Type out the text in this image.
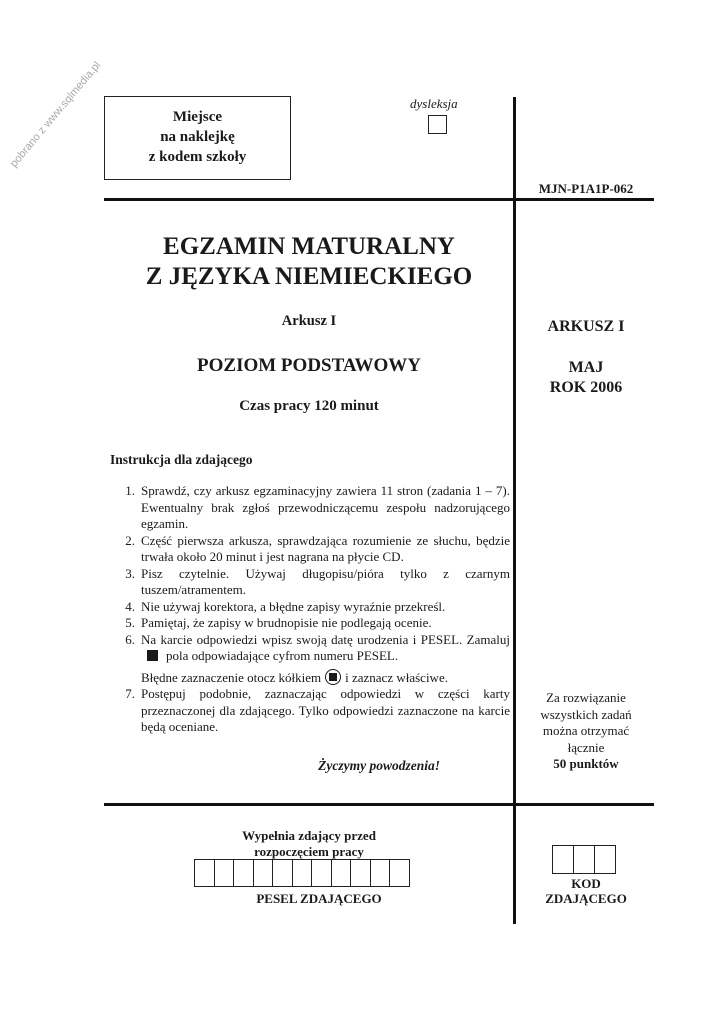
pobrano z www.sqlmedia.pl	Miejsce
na naklejkę
z kodem szkoły
dysleksja
MJN-P1A1P-062
EGZAMIN MATURALNY
Z JĘZYKA NIEMIECKIEGO
Arkusz I
POZIOM PODSTAWOWY
Czas pracy 120 minut
ARKUSZ I
MAJ
ROK 2006
Instrukcja dla zdającego
1. Sprawdź, czy arkusz egzaminacyjny zawiera 11 stron (zadania 1 – 7). Ewentualny brak zgłoś przewodniczącemu zespołu nadzorującego egzamin.
2. Część pierwsza arkusza, sprawdzająca rozumienie ze słuchu, będzie trwała około 20 minut i jest nagrana na płycie CD.
3. Pisz czytelnie. Używaj długopisu/pióra tylko z czarnym tuszem/atramentem.
4. Nie używaj korektora, a błędne zapisy wyraźnie przekreśl.
5. Pamiętaj, że zapisy w brudnopisie nie podlegają ocenie.
6. Na karcie odpowiedzi wpisz swoją datę urodzenia i PESEL. Zamalujpola odpowiadające cyfrom numeru PESEL.
Błędne zaznaczenie otocz kółkiem i zaznacz właściwe.
7. Postępuj podobnie, zaznaczając odpowiedzi w części karty przeznaczonej dla zdającego. Tylko odpowiedzi zaznaczone na karcie będą oceniane.
Życzymy powodzenia!
Za rozwiązanie
wszystkich zadań
można otrzymać
łącznie
50 punktów
Wypełnia zdający przed
rozpoczęciem pracy
PESEL ZDAJĄCEGO
KOD
ZDAJĄCEGO
